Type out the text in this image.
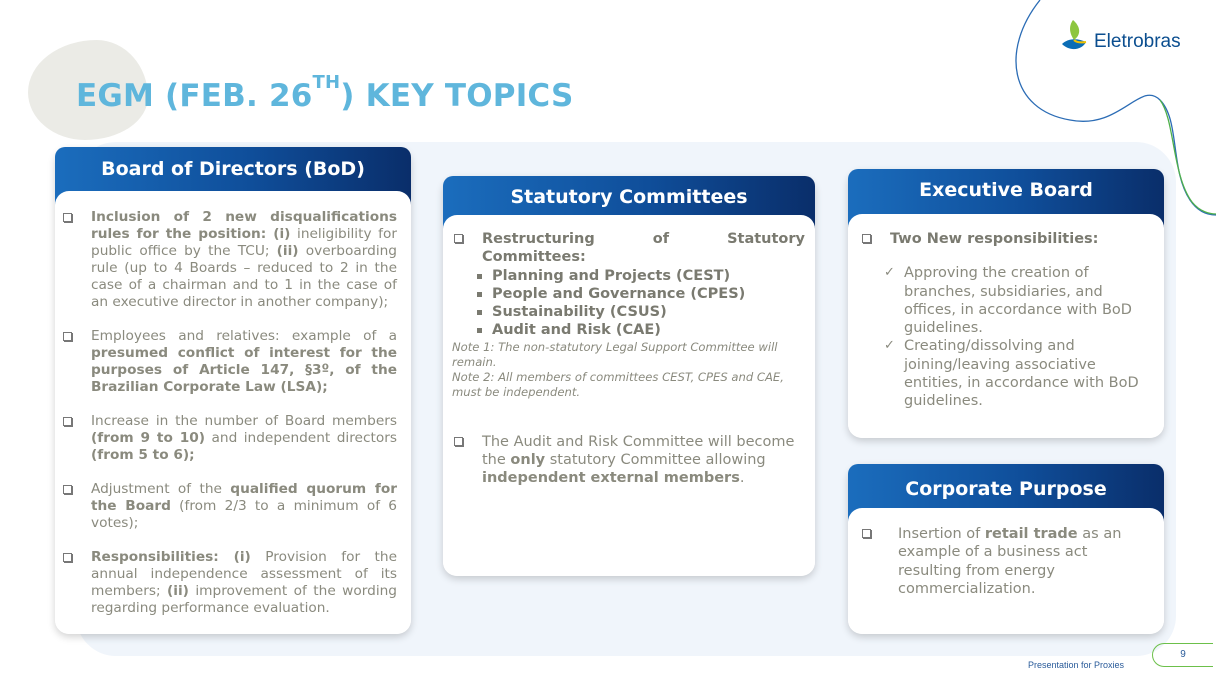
Eletrobras
EGM (FEB. 26TH) KEY TOPICS
Board of Directors (BoD)
Inclusion of 2 new disqualifications rules for the position: (i) ineligibility for public office by the TCU; (ii) overboarding rule (up to 4 Boards – reduced to 2 in the case of a chairman and to 1 in the case of an executive director in another company);
Employees and relatives: example of a presumed conflict of interest for the purposes of Article 147, §3º, of the Brazilian Corporate Law (LSA);
Increase in the number of Board members (from 9 to 10) and independent directors (from 5 to 6);
Adjustment of the qualified quorum for the Board (from 2/3 to a minimum of 6 votes);
Responsibilities: (i) Provision for the annual independence assessment of its members; (ii) improvement of the wording regarding performance evaluation.
Statutory Committees
Restructuring of Statutory Committees:
Planning and Projects (CEST)
People and Governance (CPES)
Sustainability (CSUS)
Audit and Risk (CAE)
Note 1: The non-statutory Legal Support Committee will remain.
Note 2: All members of committees CEST, CPES and CAE, must be independent.
The Audit and Risk Committee will become the only statutory Committee allowing independent external members.
Executive Board
Two New responsibilities:
✓ Approving the creation of branches, subsidiaries, and offices, in accordance with BoD guidelines.
✓ Creating/dissolving and joining/leaving associative entities, in accordance with BoD guidelines.
Corporate Purpose
Insertion of retail trade as an example of a business act resulting from energy commercialization.
Presentation for Proxies
9
